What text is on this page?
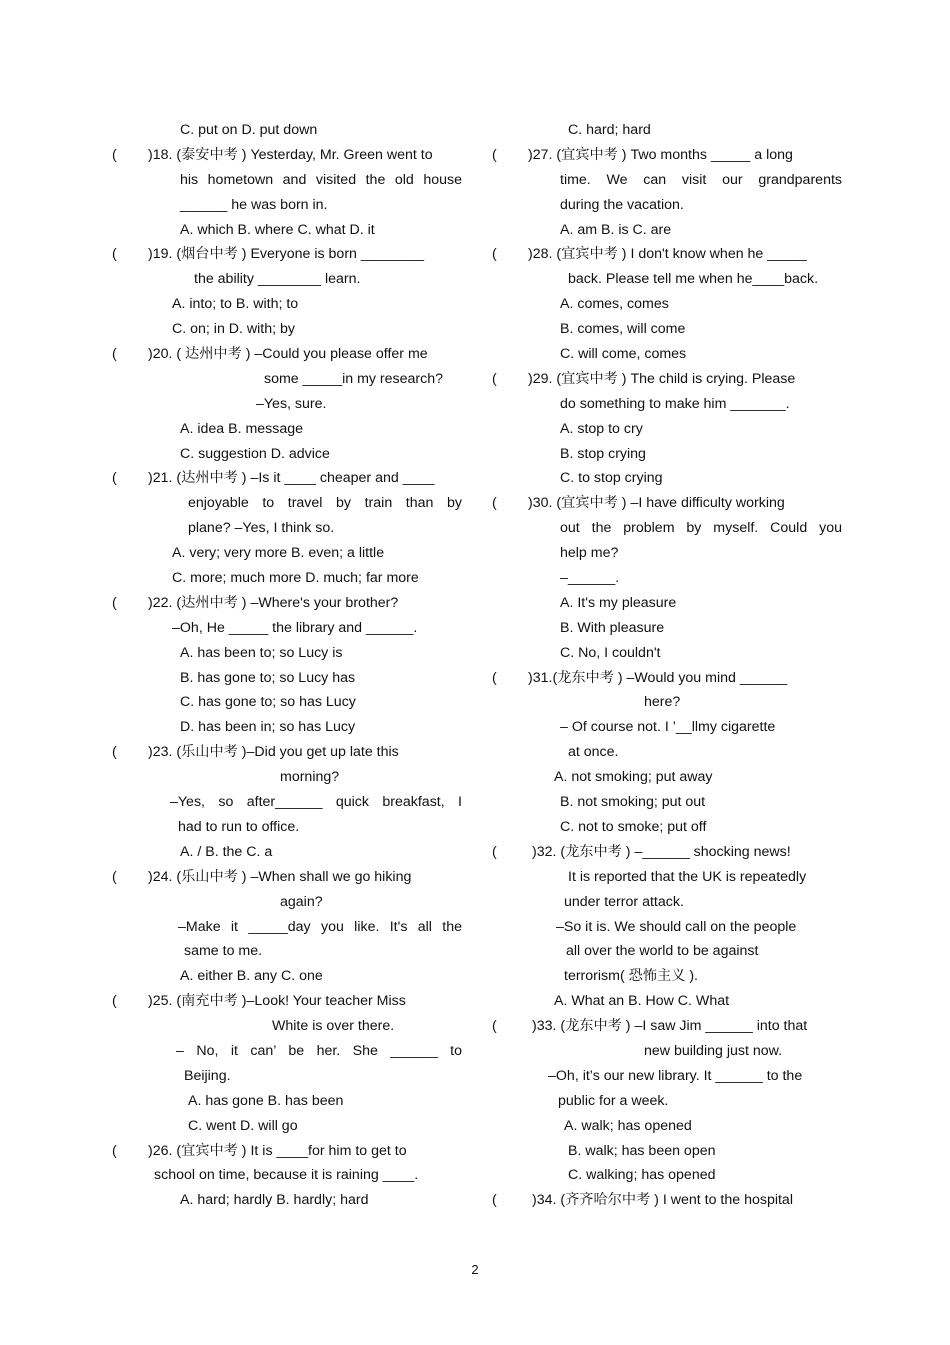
C. put on D. put down
( )18. (泰安中考 ) Yesterday, Mr. Green went to
his hometown and visited the old house
______ he was born in.
A. which B. where C. what D. it
( )19. (烟台中考 ) Everyone is born ________
the ability ________ learn.
A. into; to B. with; to
C. on; in D. with; by
( )20. ( 达州中考 ) –Could you please offer me
some _____in my research?
–Yes, sure.
A. idea B. message
C. suggestion D. advice
( )21. (达州中考 ) –Is it ____ cheaper and ____
enjoyable to travel by train than by
plane? –Yes, I think so.
A. very; very more B. even; a little
C. more; much more D. much; far more
( )22. (达州中考 ) –Where's your brother?
–Oh, He _____ the library and ______.
A. has been to; so Lucy is
B. has gone to; so Lucy has
C. has gone to; so has Lucy
D. has been in; so has Lucy
( )23. (乐山中考 )–Did you get up late this
morning?
–Yes, so after______ quick breakfast, I
had to run to office.
A. / B. the C. a
( )24. (乐山中考 ) –When shall we go hiking
again?
–Make it _____day you like. It's all the
same to me.
A. either B. any C. one
( )25. (南充中考 )–Look! Your teacher Miss
White is over there.
– No, it can’ be her. She ______ to
Beijing.
A. has gone B. has been
C. went D. will go
( )26. (宜宾中考 ) It is ____for him to get to
school on time, because it is raining ____.
A. hard; hardly B. hardly; hard
C. hard; hard
( )27. (宜宾中考 ) Two months _____ a long
time. We can visit our grandparents
during the vacation.
A. am B. is C. are
( )28. (宜宾中考 ) I don't know when he _____
back. Please tell me when he____back.
A. comes, comes
B. comes, will come
C. will come, comes
( )29. (宜宾中考 ) The child is crying. Please
do something to make him _______.
A. stop to cry
B. stop crying
C. to stop crying
( )30. (宜宾中考 ) –I have difficulty working
out the problem by myself. Could you
help me?
–______.
A. It's my pleasure
B. With pleasure
C. No, I couldn't
( )31.(龙东中考 ) –Would you mind ______
here?
– Of course not. I ’__llmy cigarette
at once.
A. not smoking; put away
B. not smoking; put out
C. not to smoke; put off
( )32. (龙东中考 ) –______ shocking news!
It is reported that the UK is repeatedly
under terror attack.
–So it is. We should call on the people
all over the world to be against
terrorism( 恐怖主义 ).
A. What an B. How C. What
( )33. (龙东中考 ) –I saw Jim ______ into that
new building just now.
–Oh, it’s our new library. It ______ to the
public for a week.
A. walk; has opened
B. walk; has been open
C. walking; has opened
( )34. (齐齐哈尔中考 ) I went to the hospital
2
